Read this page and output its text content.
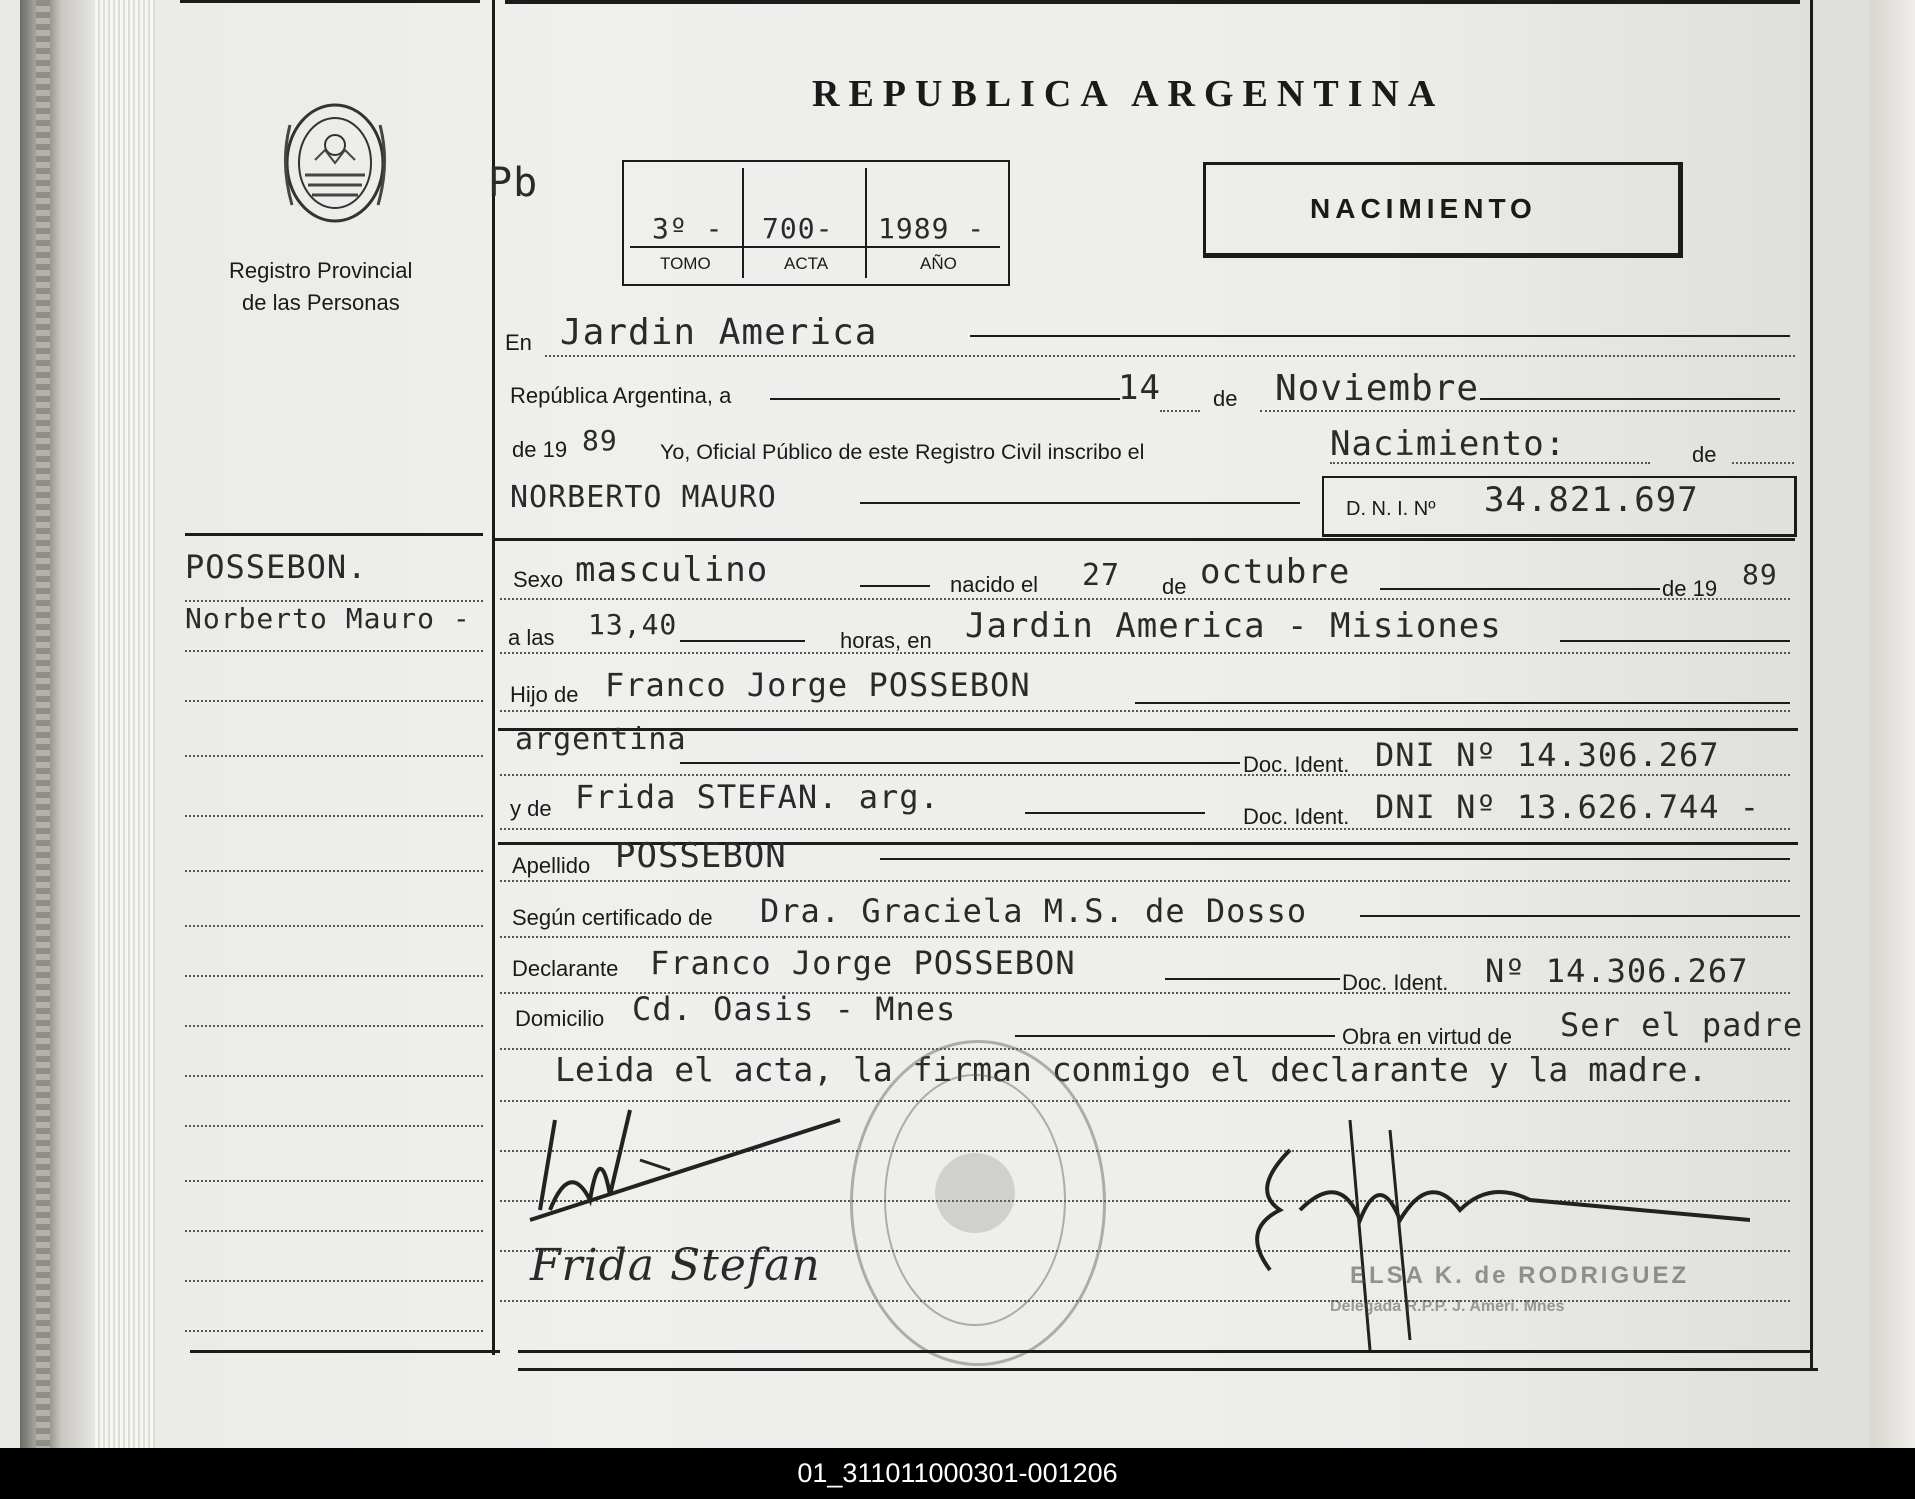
Registro Provincial
de las Personas
POSSEBON.
Norberto Mauro -
REPUBLICA ARGENTINA
Pb
3º - 700- 1989 -
TOMO	ACTA	AÑO
NACIMIENTO
En Jardin America
República Argentina, a	14 de Noviembre
de 19 89 Yo, Oficial Público de este Registro Civil inscribo el	Nacimiento:	de
NORBERTO MAURO	D. N. I. Nº 34.821.697
Sexo masculino	nacido el 27 de octubre	de 19 89
a las 13,40	horas, en Jardin America - Misiones
Hijo de Franco Jorge POSSEBON
argentina
Doc. Ident. DNI Nº 14.306.267
y de Frida STEFAN. arg.
Doc. Ident. DNI Nº 13.626.744 -
Apellido POSSEBON
Según certificado de Dra. Graciela M.S. de Dosso
Declarante Franco Jorge POSSEBON
Doc. Ident. Nº 14.306.267
Domicilio Cd. Oasis - Mnes
Obra en virtud de Ser el padre
Leida el acta, la firman conmigo el declarante y la madre.
Frida Stefan	ELSA K. de RODRIGUEZ
Delegada R.P.P. J. Améri. Mnes
01_311011000301-001206
